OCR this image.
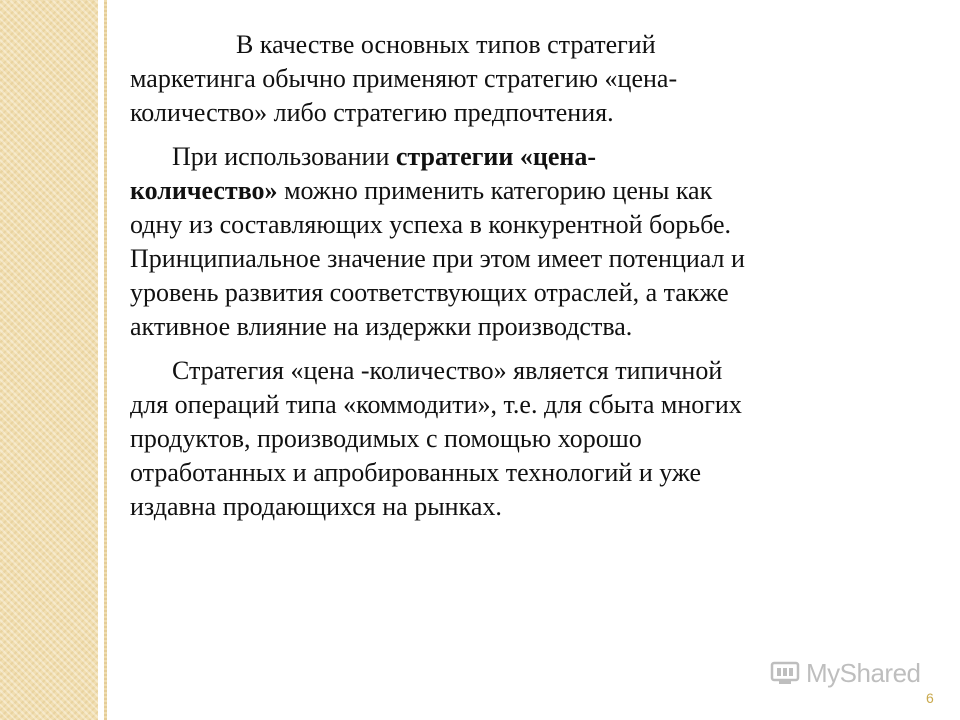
В качестве основных типов стратегий
маркетинга обычно применяют стратегию «цена-
количество» либо стратегию предпочтения.

При использовании стратегии «цена-
количество» можно применить категорию цены как
одну из составляющих успеха в конкурентной борьбе.
Принципиальное значение при этом имеет потенциал и
уровень развития соответствующих отраслей, а также
активное влияние на издержки производства.

Стратегия «цена -количество» является типичной
для операций типа «коммодити», т.е. для сбыта многих
продуктов, производимых с помощью хорошо
отработанных и апробированных технологий и уже
издавна продающихся на рынках.

MyShared
6
